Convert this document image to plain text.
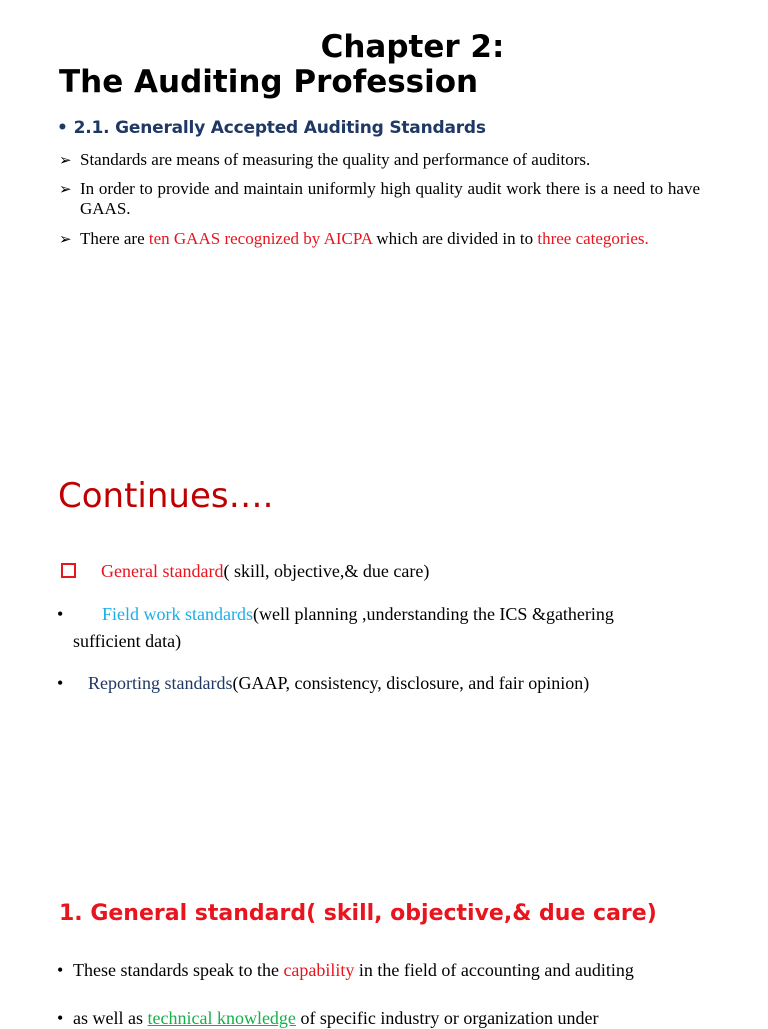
Chapter 2:
The Auditing Profession
• 2.1. Generally Accepted Auditing Standards
➢ Standards are means of measuring the quality and performance of auditors.
➢ In order to provide and maintain uniformly high quality audit work there is a need to have GAAS.
➢ There are ten GAAS recognized by AICPA which are divided in to three categories.
Continues….
General standard( skill, objective,& due care)
• Field work standards(well planning ,understanding the ICS &gathering
sufficient data)
• Reporting standards(GAAP, consistency, disclosure, and fair opinion)
1. General standard( skill, objective,& due care)
• These standards speak to the capability in the field of accounting and auditing
• as well as technical knowledge of specific industry or organization under
